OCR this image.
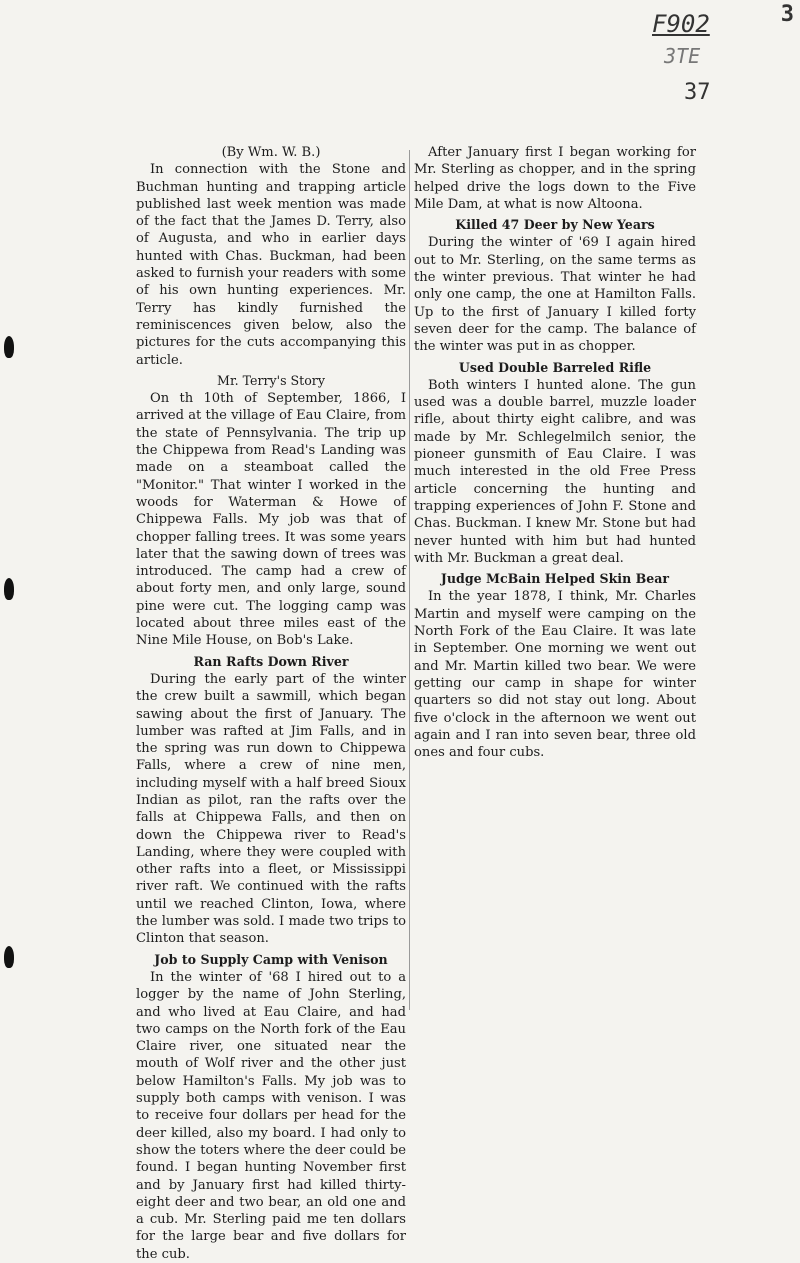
3
F902
3TE
37
(By Wm. W. B.)

In connection with the Stone and Buchman hunting and trapping article published last week mention was made of the fact that the James D. Terry, also of Augusta, and who in earlier days hunted with Chas. Buckman, had been asked to furnish your readers with some of his own hunting experiences. Mr. Terry has kindly furnished the reminiscences given below, also the pictures for the cuts accompanying this article.

Mr. Terry's Story

On th 10th of September, 1866, I arrived at the village of Eau Claire, from the state of Pennsylvania. The trip up the Chippewa from Read's Landing was made on a steamboat called the "Monitor." That winter I worked in the woods for Waterman & Howe of Chippewa Falls. My job was that of chopper falling trees. It was some years later that the sawing down of trees was introduced. The camp had a crew of about forty men, and only large, sound pine were cut. The logging camp was located about three miles east of the Nine Mile House, on Bob's Lake.

Ran Rafts Down River

During the early part of the winter the crew built a sawmill, which began sawing about the first of January. The lumber was rafted at Jim Falls, and in the spring was run down to Chippewa Falls, where a crew of nine men, including myself with a half breed Sioux Indian as pilot, ran the rafts over the falls at Chippewa Falls, and then on down the Chippewa river to Read's Landing, where they were coupled with other rafts into a fleet, or Mississippi river raft. We continued with the rafts until we reached Clinton, Iowa, where the lumber was sold. I made two trips to Clinton that season.

Job to Supply Camp with Venison

In the winter of '68 I hired out to a logger by the name of John Sterling, and who lived at Eau Claire, and had two camps on the North fork of the Eau Claire river, one situated near the mouth of Wolf river and the other just below Hamilton's Falls. My job was to supply both camps with venison. I was to receive four dollars per head for the deer killed, also my board. I had only to show the toters where the deer could be found. I began hunting November first and by January first had killed thirty-eight deer and two bear, an old one and a cub. Mr. Sterling paid me ten dollars for the large bear and five dollars for the cub.

After January first I began working for Mr. Sterling as chopper, and in the spring helped drive the logs down to the Five Mile Dam, at what is now Altoona.

Killed 47 Deer by New Years

During the winter of '69 I again hired out to Mr. Sterling, on the same terms as the winter previous. That winter he had only one camp, the one at Hamilton Falls. Up to the first of January I killed forty seven deer for the camp. The balance of the winter was put in as chopper.

Used Double Barreled Rifle

Both winters I hunted alone. The gun used was a double barrel, muzzle loader rifle, about thirty eight calibre, and was made by Mr. Schlegelmilch senior, the pioneer gunsmith of Eau Claire. I was much interested in the old Free Press article concerning the hunting and trapping experiences of John F. Stone and Chas. Buckman. I knew Mr. Stone but had never hunted with him but had hunted with Mr. Buckman a great deal.

Judge McBain Helped Skin Bear

In the year 1878, I think, Mr. Charles Martin and myself were camping on the North Fork of the Eau Claire. It was late in September. One morning we went out and Mr. Martin killed two bear. We were getting our camp in shape for winter quarters so did not stay out long. About five o'clock in the afternoon we went out again and I ran into seven bear, three old ones and four cubs.
